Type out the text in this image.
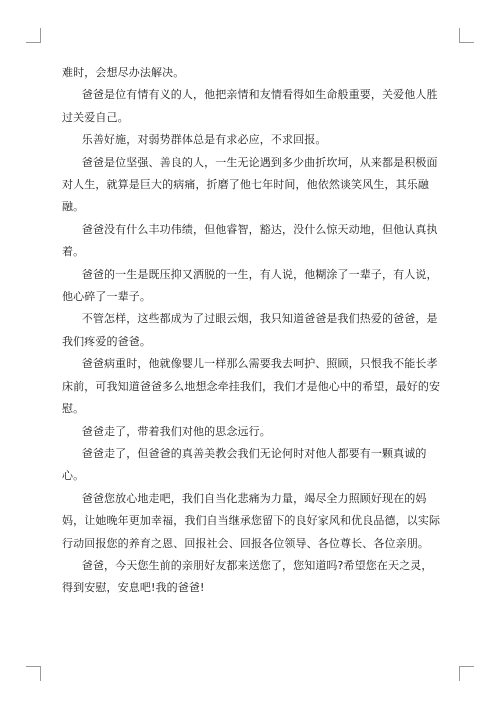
难时，会想尽办法解决。

爸爸是位有情有义的人，他把亲情和友情看得如生命般重要，关爱他人胜过关爱自己。

乐善好施，对弱势群体总是有求必应，不求回报。

爸爸是位坚强、善良的人，一生无论遇到多少曲折坎坷，从来都是积极面对人生，就算是巨大的病痛，折磨了他七年时间，他依然谈笑风生，其乐融融。

爸爸没有什么丰功伟绩，但他睿智，豁达，没什么惊天动地，但他认真执着。

爸爸的一生是既压抑又洒脱的一生，有人说，他糊涂了一辈子，有人说，他心碎了一辈子。

不管怎样，这些都成为了过眼云烟，我只知道爸爸是我们热爱的爸爸，是我们疼爱的爸爸。

爸爸病重时，他就像婴儿一样那么需要我去呵护、照顾，只恨我不能长孝床前，可我知道爸爸多么地想念牵挂我们，我们才是他心中的希望，最好的安慰。

爸爸走了，带着我们对他的思念远行。

爸爸走了，但爸爸的真善美教会我们无论何时对他人都要有一颗真诚的心。

爸爸您放心地走吧，我们自当化悲痛为力量，竭尽全力照顾好现在的妈妈，让她晚年更加幸福，我们自当继承您留下的良好家风和优良品德，以实际行动回报您的养育之恩、回报社会、回报各位领导、各位尊长、各位亲朋。

爸爸，今天您生前的亲朋好友都来送您了，您知道吗?希望您在天之灵，得到安慰，安息吧!我的爸爸!
